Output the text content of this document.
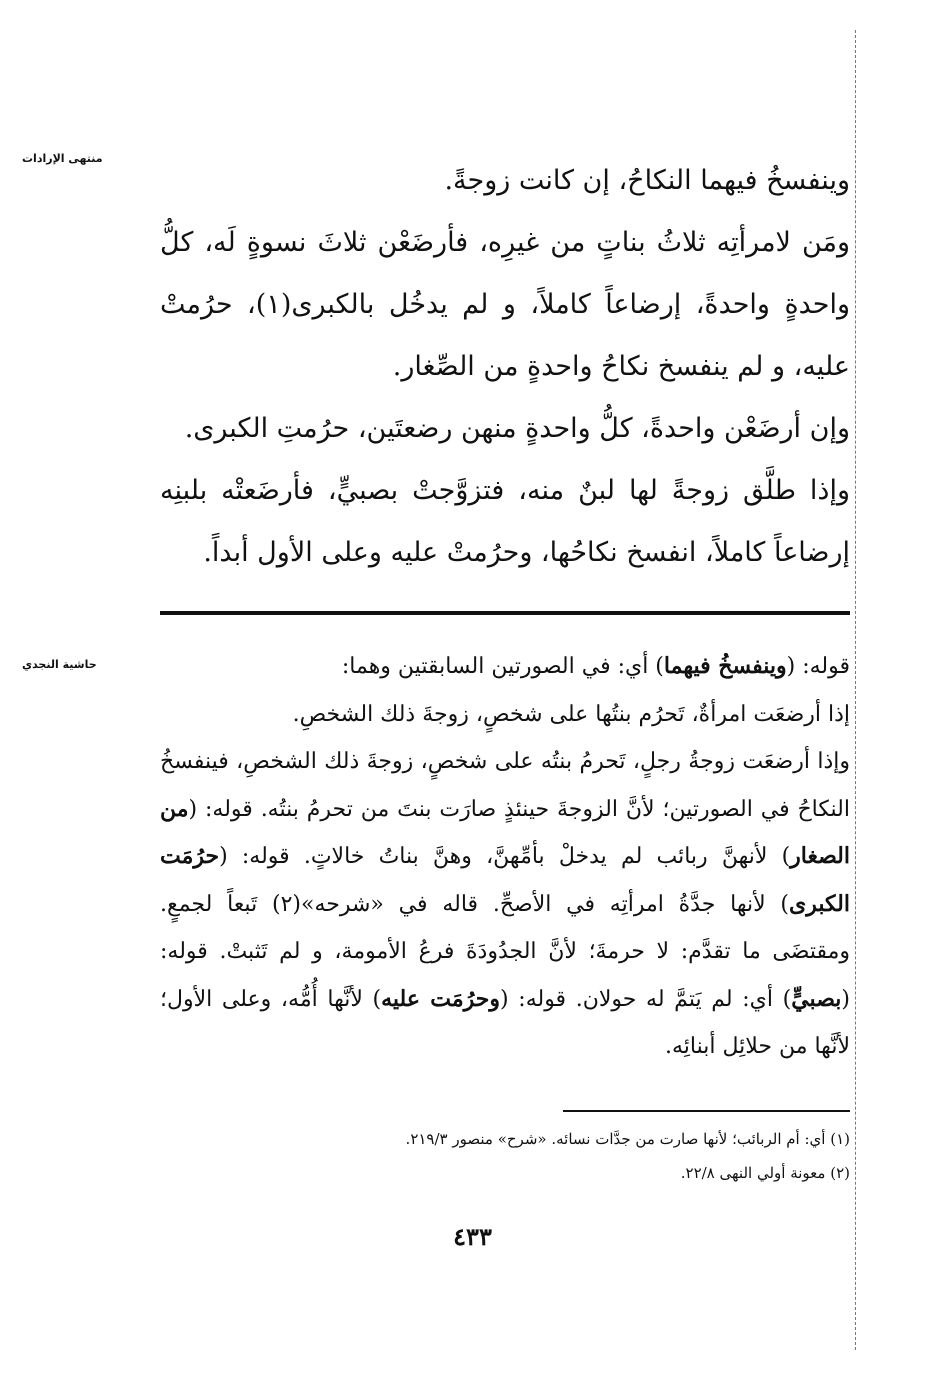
منتهى الإرادات
حاشية النجدي

وينفسخُ فيهما النكاحُ، إن كانت زوجةً.

ومَن لامرأتِه ثلاثُ بناتٍ من غيرِه، فأرضَعْن ثلاثَ نسوةٍ لَه، كلُّ واحدةٍ واحدةً، إرضاعاً كاملاً، و لم يدخُل بالكبرى(١)، حرُمتْ عليه، و لم ينفسخ نكاحُ واحدةٍ من الصِّغار.

وإن أرضَعْن واحدةً، كلُّ واحدةٍ منهن رضعتَين، حرُمتِ الكبرى.

وإذا طلَّق زوجةً لها لبنٌ منه، فتزوَّجتْ بصبيٍّ، فأرضَعتْه بلبنِه إرضاعاً كاملاً، انفسخ نكاحُها، وحرُمتْ عليه وعلى الأول أبداً.

قوله: (وينفسخُ فيهما) أي: في الصورتين السابقتين وهما:

إذا أرضعَت امرأةٌ، تَحرُم بنتُها على شخصٍ، زوجةَ ذلك الشخصِ.

وإذا أرضعَت زوجةُ رجلٍ، تَحرمُ بنتُه على شخصٍ، زوجةَ ذلك الشخصِ، فينفسخُ النكاحُ في الصورتين؛ لأنَّ الزوجةَ حينئذٍ صارَت بنتَ من تحرمُ بنتُه. قوله: (من الصغار) لأنهنَّ ربائب لم يدخلْ بأمِّهنَّ، وهنَّ بناتُ خالاتٍ. قوله: (حرُمَت الكبرى) لأنها جدَّةُ امرأتِه في الأصحِّ. قاله في «شرحه»(٢) تَبعاً لجمعٍ. ومقتضَى ما تقدَّم: لا حرمةَ؛ لأنَّ الجدُودَةَ فرعُ الأمومة، و لم تَثبتْ. قوله: (بصبيٍّ) أي: لم يَتمَّ له حولان. قوله: (وحرُمَت عليه) لأنَّها أُمُّه، وعلى الأول؛ لأنَّها من حلائِل أبنائِه.

(١) أي: أم الربائب؛ لأنها صارت من جدَّات نسائه. «شرح» منصور ٢١٩/٣.

(٢) معونة أولي النهى ٢٢/٨.

٤٣٣
